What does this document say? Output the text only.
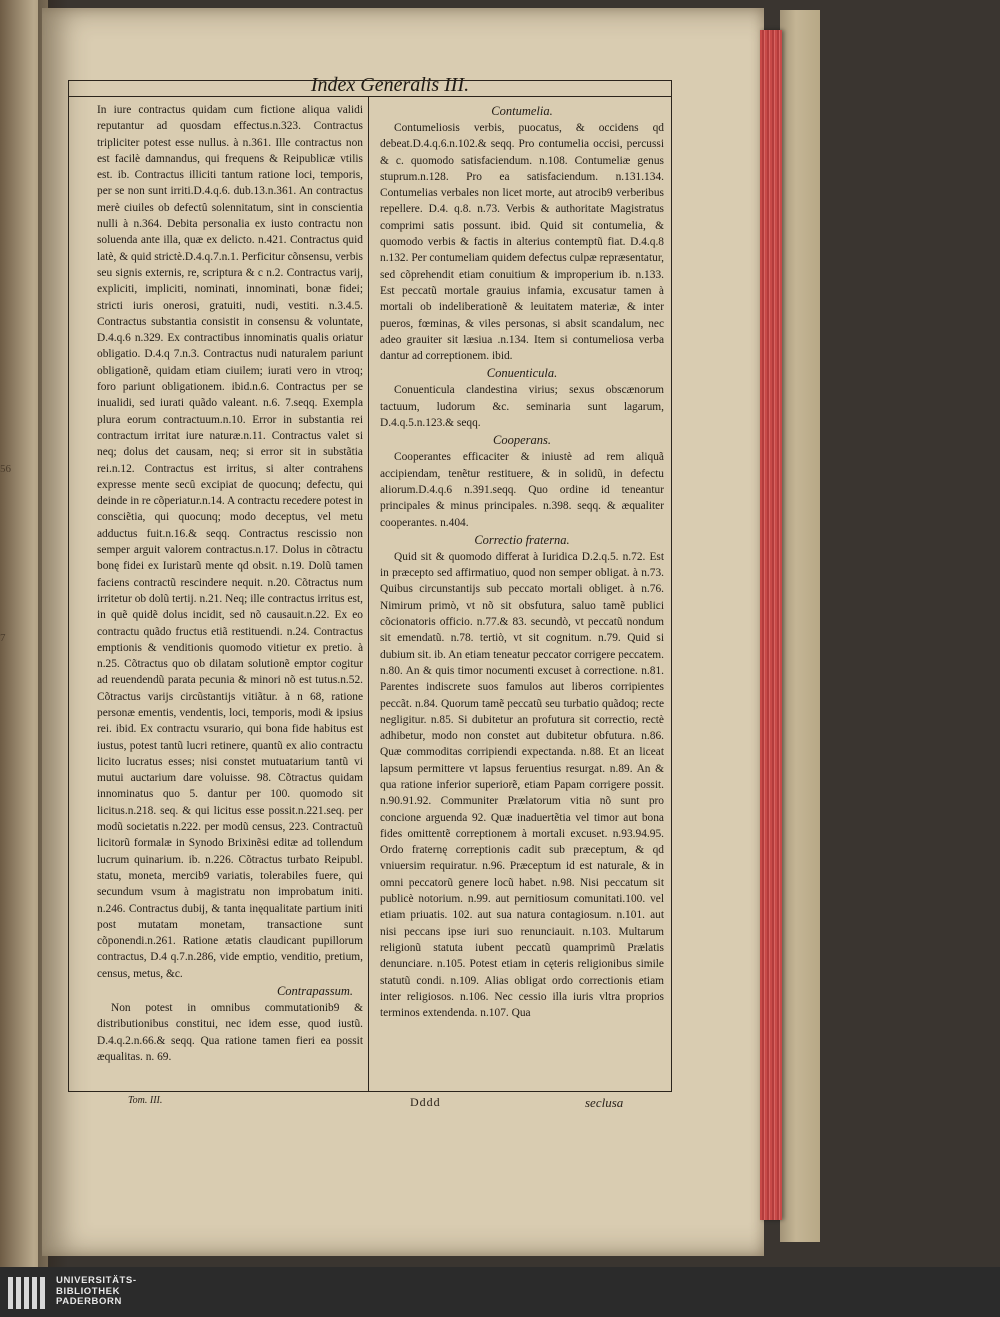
56
7
Index Generalis III.

In iure contractus quidam cum fictione aliqua validi reputantur ad quosdam effectus.n.323. Contractus tripliciter potest esse nullus. à n.361. Ille contractus non est facilè damnandus, qui frequens & Reipublicæ vtilis est. ib. Contractus illiciti tantum ratione loci, temporis, per se non sunt irriti.D.4.q.6. dub.13.n.361. An contractus merè ciuiles ob defectû solennitatum, sint in conscientia nulli à n.364. Debita personalia ex iusto contractu non soluenda ante illa, quæ ex delicto. n.421. Contractus quid latè, & quid strictè.D.4.q.7.n.1. Perficitur cõnsensu, verbis seu signis externis, re, scriptura & c n.2. Contractus varij, expliciti, impliciti, nominati, innominati, bonæ fidei; stricti iuris onerosi, gratuiti, nudi, vestiti. n.3.4.5. Contractus substantia consistit in consensu & voluntate, D.4.q.6 n.329. Ex contractibus innominatis qualis oriatur obligatio. D.4.q 7.n.3. Contractus nudi naturalem pariunt obligationẽ, quidam etiam ciuilem; iurati vero in vtroq; foro pariunt obligationem. ibid.n.6. Contractus per se inualidi, sed iurati quãdo valeant. n.6. 7.seqq. Exempla plura eorum contractuum.n.10. Error in substantia rei contractum irritat iure naturæ.n.11. Contractus valet si neq; dolus det causam, neq; si error sit in substãtia rei.n.12. Contractus est irritus, si alter contrahens expresse mente secû excipiat de quocunq; defectu, qui deinde in re cõperiatur.n.14. A contractu recedere potest in consciẽtia, qui quocunq; modo deceptus, vel metu adductus fuit.n.16.& seqq. Contractus rescissio non semper arguit valorem contractus.n.17. Dolus in cõtractu bonę fidei ex Iuristarũ mente qd obsit. n.19. Dolũ tamen faciens contractũ rescindere nequit. n.20. Cõtractus num irritetur ob dolũ tertij. n.21. Neq; ille contractus irritus est, in quẽ quidẽ dolus incidit, sed nõ causauit.n.22. Ex eo contractu quãdo fructus etiã restituendi. n.24. Contractus emptionis & venditionis quomodo vitietur ex pretio. à n.25. Cõtractus quo ob dilatam solutionẽ emptor cogitur ad reuendendũ parata pecunia & minori nõ est tutus.n.52. Cõtractus varijs circũstantijs vitiãtur. à n 68, ratione personæ ementis, vendentis, loci, temporis, modi & ipsius rei. ibid. Ex contractu vsurario, qui bona fide habitus est iustus, potest tantũ lucri retinere, quantũ ex alio contractu licito lucratus esses; nisi constet mutuatarium tantũ vi mutui auctarium dare voluisse. 98. Cõtractus quidam innominatus quo 5. dantur per 100. quomodo sit licitus.n.218. seq. & qui licitus esse possit.n.221.seq. per modũ societatis n.222. per modũ census, 223. Contractuũ licitorũ formalæ in Synodo Brixinẽsi editæ ad tollendum lucrum quinarium. ib. n.226. Cõtractus turbato Reipubl. statu, moneta, mercib9 variatis, tolerabiles fuere, qui secundum vsum à magistratu non improbatum initi. n.246. Contractus dubij, & tanta inęqualitate partium initi post mutatam monetam, transactione sunt cõponendi.n.261. Ratione ætatis claudicant pupillorum contractus, D.4 q.7.n.286, vide emptio, venditio, pretium, census, metus, &c.

Contrapassum.

Non potest in omnibus commutationib9 & distributionibus constitui, nec idem esse, quod iustũ. D.4.q.2.n.66.& seqq. Qua ratione tamen fieri ea possit æqualitas. n. 69.

Contumelia.

Contumeliosis verbis, puocatus, & occidens qd debeat.D.4.q.6.n.102.& seqq. Pro contumelia occisi, percussi & c. quomodo satisfaciendum. n.108. Contumeliæ genus stuprum.n.128. Pro ea satisfaciendum. n.131.134. Contumelias verbales non licet morte, aut atrocib9 verberibus repellere. D.4. q.8. n.73. Verbis & authoritate Magistratus comprimi satis possunt. ibid. Quid sit contumelia, & quomodo verbis & factis in alterius contemptũ fiat. D.4.q.8 n.132. Per contumeliam quidem defectus culpæ repræsentatur, sed cõprehendit etiam conuitium & improperium ib. n.133. Est peccatũ mortale grauius infamia, excusatur tamen à mortali ob indeliberationẽ & leuitatem materiæ, & inter pueros, fœminas, & viles personas, si absit scandalum, nec adeo grauiter sit læsiua .n.134. Item si contumeliosa verba dantur ad correptionem. ibid.

Conuenticula.

Conuenticula clandestina virius; sexus obscænorum tactuum, ludorum &c. seminaria sunt lagarum, D.4.q.5.n.123.& seqq.

Cooperans.

Cooperantes efficaciter & iniustè ad rem aliquã accipiendam, tenẽtur restituere, & in solidũ, in defectu aliorum.D.4.q.6 n.391.seqq. Quo ordine id teneantur principales & minus principales. n.398. seqq. & æqualiter cooperantes. n.404.

Correctio fraterna.

Quid sit & quomodo differat à Iuridica D.2.q.5. n.72. Est in præcepto sed affirmatiuo, quod non semper obligat. à n.73. Quibus circunstantijs sub peccato mortali obliget. à n.76. Nimirum primò, vt nõ sit obsfutura, saluo tamẽ publici cõcionatoris officio. n.77.& 83. secundò, vt peccatũ nondum sit emendatũ. n.78. tertiò, vt sit cognitum. n.79. Quid si dubium sit. ib. An etiam teneatur peccator corrigere peccatem. n.80. An & quis timor nocumenti excuset à correctione. n.81. Parentes indiscrete suos famulos aut liberos corripientes peccãt. n.84. Quorum tamẽ peccatũ seu turbatio quãdoq; recte negligitur. n.85. Si dubitetur an profutura sit correctio, rectè adhibetur, modo non constet aut dubitetur obfutura. n.86. Quæ commoditas corripiendi expectanda. n.88. Et an liceat lapsum permittere vt lapsus feruentius resurgat. n.89. An & qua ratione inferior superiorẽ, etiam Papam corrigere possit. n.90.91.92. Communiter Prælatorum vitia nõ sunt pro concione arguenda 92. Quæ inaduertẽtia vel timor aut bona fides omittentẽ correptionem à mortali excuset. n.93.94.95. Ordo fraternę correptionis cadit sub præceptum, & qd vniuersim requiratur. n.96. Præceptum id est naturale, & in omni peccatorũ genere locũ habet. n.98. Nisi peccatum sit publicè notorium. n.99. aut pernitiosum comunitati.100. vel etiam priuatis. 102. aut sua natura contagiosum. n.101. aut nisi peccans ipse iuri suo renunciauit. n.103. Multarum religionũ statuta iubent peccatũ quamprimũ Prælatis denunciare. n.105. Potest etiam in cęteris religionibus simile statutũ condi. n.109. Alias obligat ordo correctionis etiam inter religiosos. n.106. Nec cessio illa iuris vltra proprios terminos extendenda. n.107. Qua

Tom. III.	Dddd	seclusa
UNIVERSITÄTS-
BIBLIOTHEK
PADERBORN
